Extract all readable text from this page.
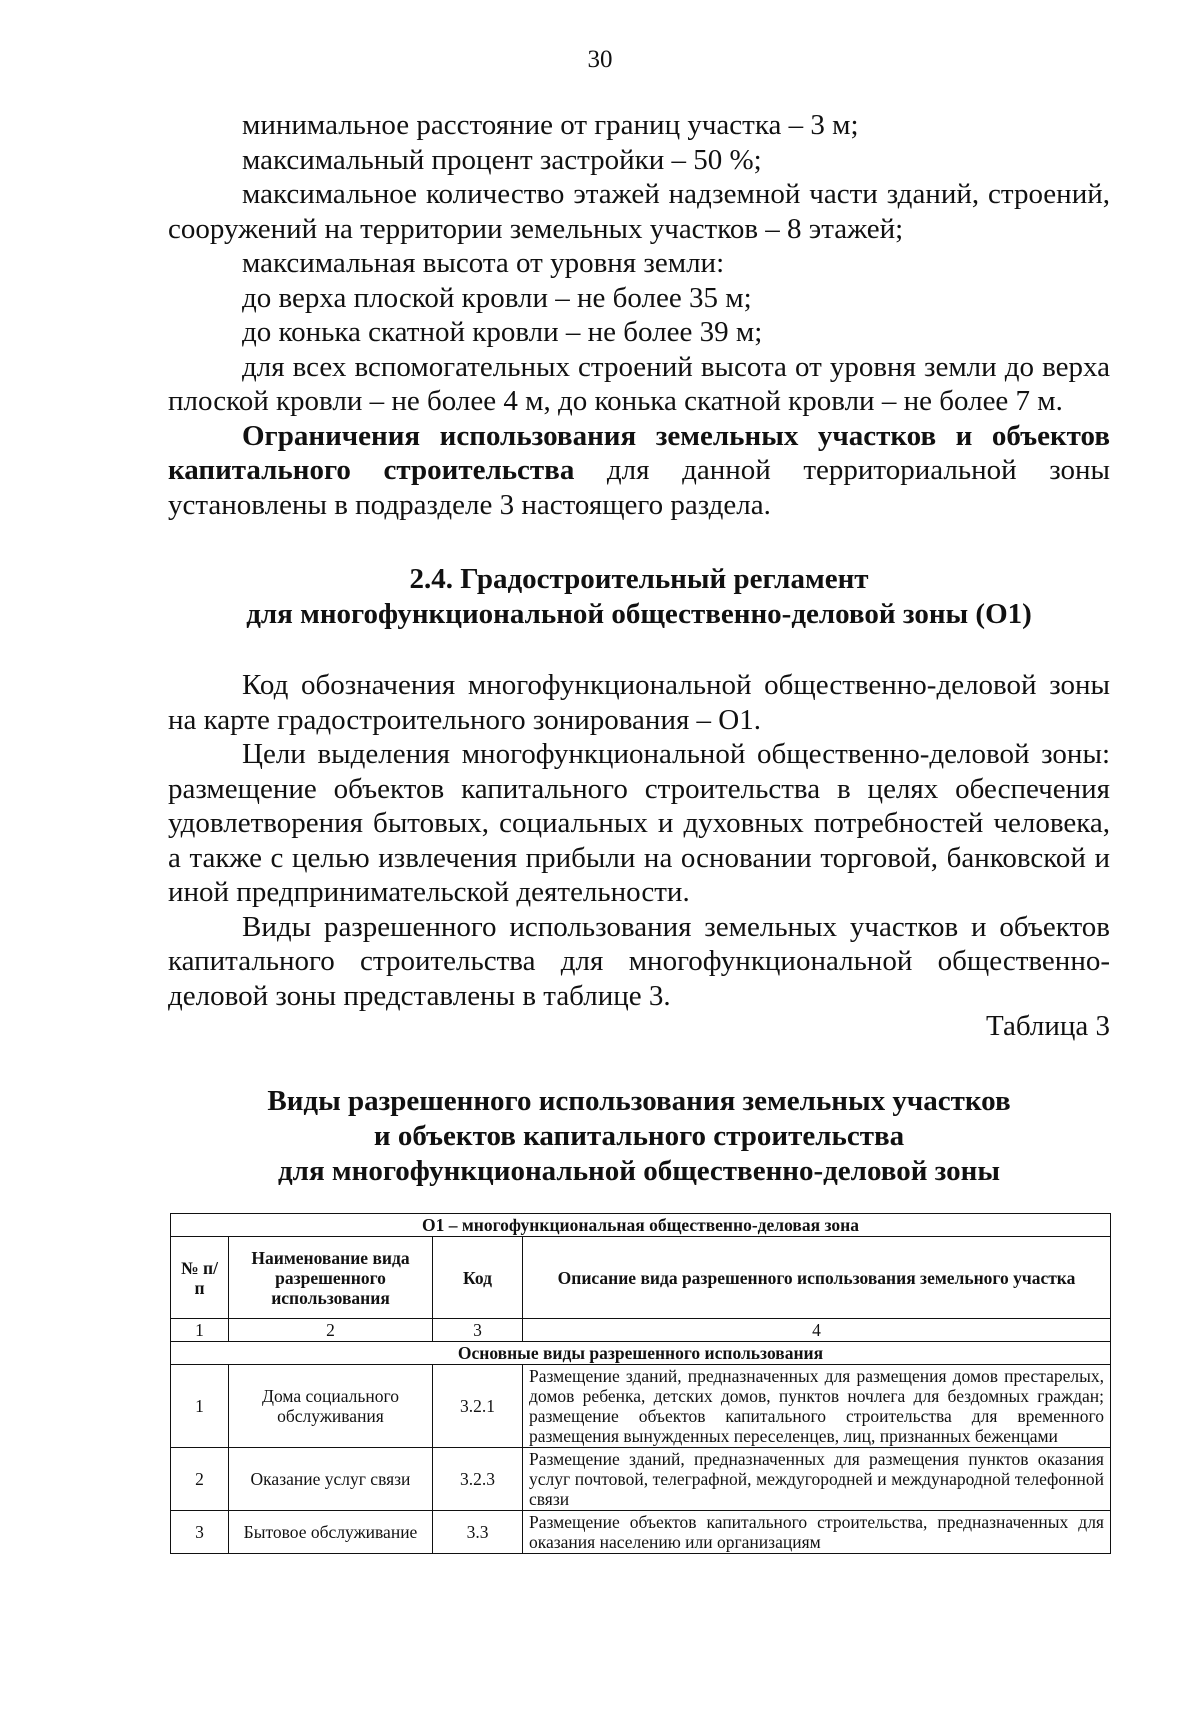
30

минимальное расстояние от границ участка – 3 м;

максимальный процент застройки – 50 %;

максимальное количество этажей надземной части зданий, строений, сооружений на территории земельных участков – 8 этажей;

максимальная высота от уровня земли:

до верха плоской кровли – не более 35 м;

до конька скатной кровли – не более 39 м;

для всех вспомогательных строений высота от уровня земли до верха плоской кровли – не более 4 м, до конька скатной кровли – не более 7 м.

Ограничения использования земельных участков и объектов капитального строительства для данной территориальной зоны установлены в подразделе 3 настоящего раздела.

2.4. Градостроительный регламент
для многофункциональной общественно-деловой зоны (О1)

Код обозначения многофункциональной общественно-деловой зоны на карте градостроительного зонирования – О1.

Цели выделения многофункциональной общественно-деловой зоны: размещение объектов капитального строительства в целях обеспечения удовлетворения бытовых, социальных и духовных потребностей человека, а также с целью извлечения прибыли на основании торговой, банковской и иной предпринимательской деятельности.

Виды разрешенного использования земельных участков и объектов капитального строительства для многофункциональной общественно-деловой зоны представлены в таблице 3.

Таблица 3
Виды разрешенного использования земельных участков
и объектов капитального строительства
для многофункциональной общественно-деловой зоны
О1 – многофункциональная общественно-деловая зона			
№ п/п	Наименование вида разрешенного использования	Код	Описание вида разрешенного использования земельного участка
1	2	3	4
Основные виды разрешенного использования			
1	Дома социального обслуживания	3.2.1	Размещение зданий, предназначенных для размещения домов престарелых, домов ребенка, детских домов, пунктов ночлега для бездомных граждан; размещение объектов капитального строительства для временного размещения вынужденных переселенцев, лиц, признанных беженцами
2	Оказание услуг связи	3.2.3	Размещение зданий, предназначенных для размещения пунктов оказания услуг почтовой, телеграфной, междугородней и международной телефонной связи
3	Бытовое обслуживание	3.3	Размещение объектов капитального строительства, предназначенных для оказания населению или организациям
